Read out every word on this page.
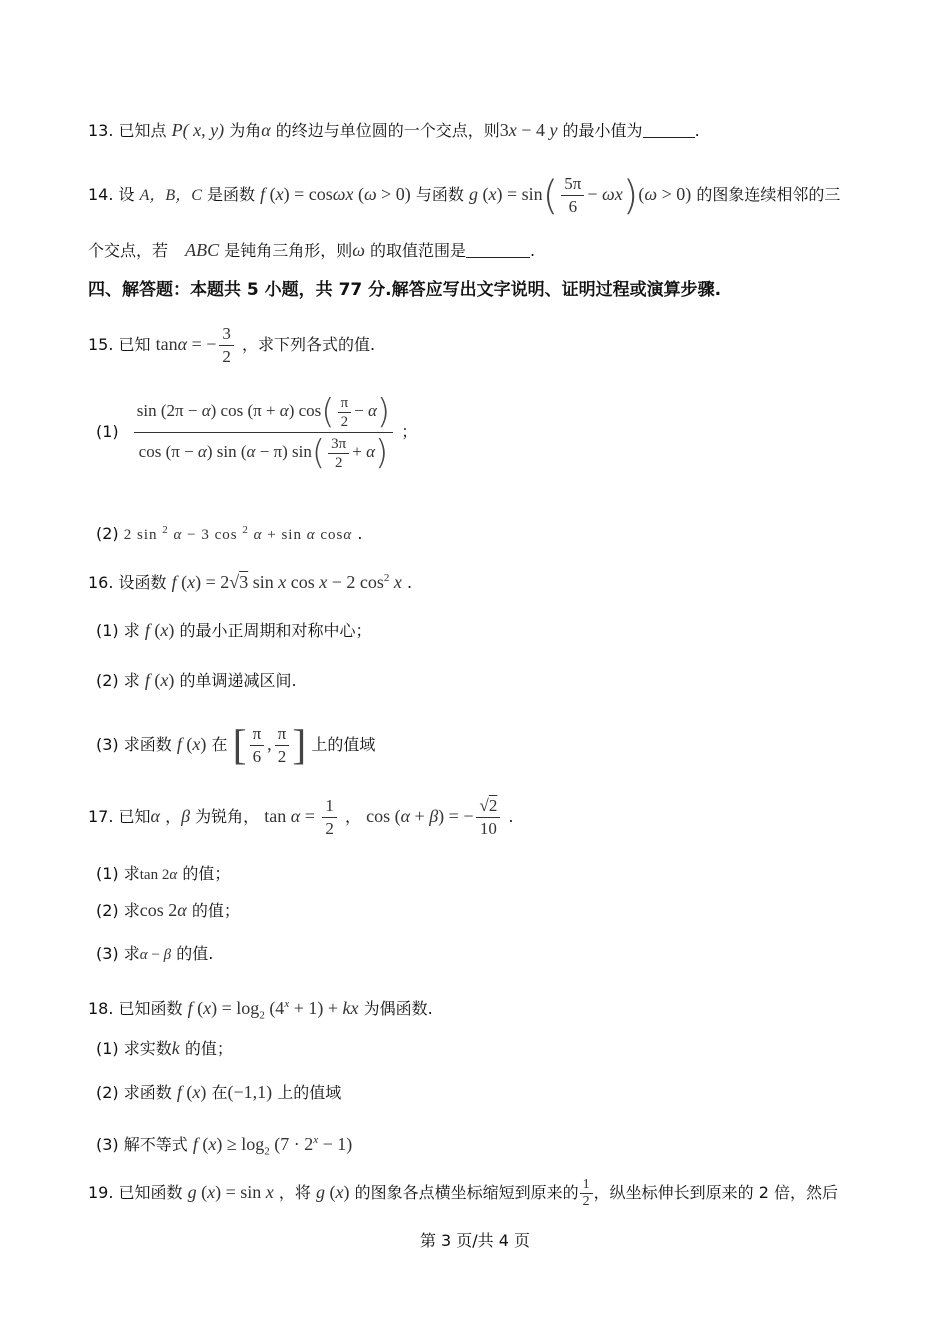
13. 已知点 P( x, y) 为角α 的终边与单位圆的一个交点，则3x − 4 y 的最小值为	.
14. 设 A，B，C 是函数 f (x) = cosωx (ω > 0) 与函数 g $(x) = \sin( \frac{5\pi}{6} - \omega x)(\omega > 0)$ 的图象连续相邻的三
个交点，若 ABC 是钝角三角形，则ω 的取值范围是	.
四、解答题：本题共 5 小题，共 77 分.解答应写出文字说明、证明过程或演算步骤.
15. 已知 tanα = − $\frac{3}{2}$ ，求下列各式的值.
$(1) \frac{\sin (2\pi - \alpha) \cos (\pi + \alpha) \cos( \frac{\pi}{2} - \alpha)}{\cos (\pi - \alpha) \sin (\alpha - \pi) \sin( \frac{3\pi}{2} + \alpha)}$ ；
(2) 2 sin $^2$ α − 3 cos $^2$ α + sin α cosα .
16. 设函数 f (x) = 2√3 sin x cos x − 2 $\cos^2 x$ .
(1) 求 f (x) 的最小正周期和对称中心；
(2) 求 f (x) 的单调递减区间.
(3) 求函数 f (x) 在 [ $\frac{\pi}{6}$ , $\frac{\pi}{2}$ ] 上的值域
17. 已知α ，β 为锐角， $\tan \alpha = \frac{1}{2}$ ， cos (α + β) = − $\frac{√2}{10}$ .
(1) 求tan 2α 的值；
(2) 求cos 2α 的值；
(3) 求α − β 的值.
18. 已知函数 f $(x) = \log_2 (4^x + 1)$ + kx 为偶函数.
(1) 求实数k 的值；
(2) 求函数 f (x) 在(−1,1) 上的值域
(3) 解不等式 f $(x) \ge \log_2 (7 \cdot 2^x - 1)$
19. 已知函数 g (x) = sin x ，将 g (x) 的图象各点横坐标缩短到原来的 $\frac{1}{2}$ ，纵坐标伸长到原来的 2 倍，然后
第 3 页/共 4 页
